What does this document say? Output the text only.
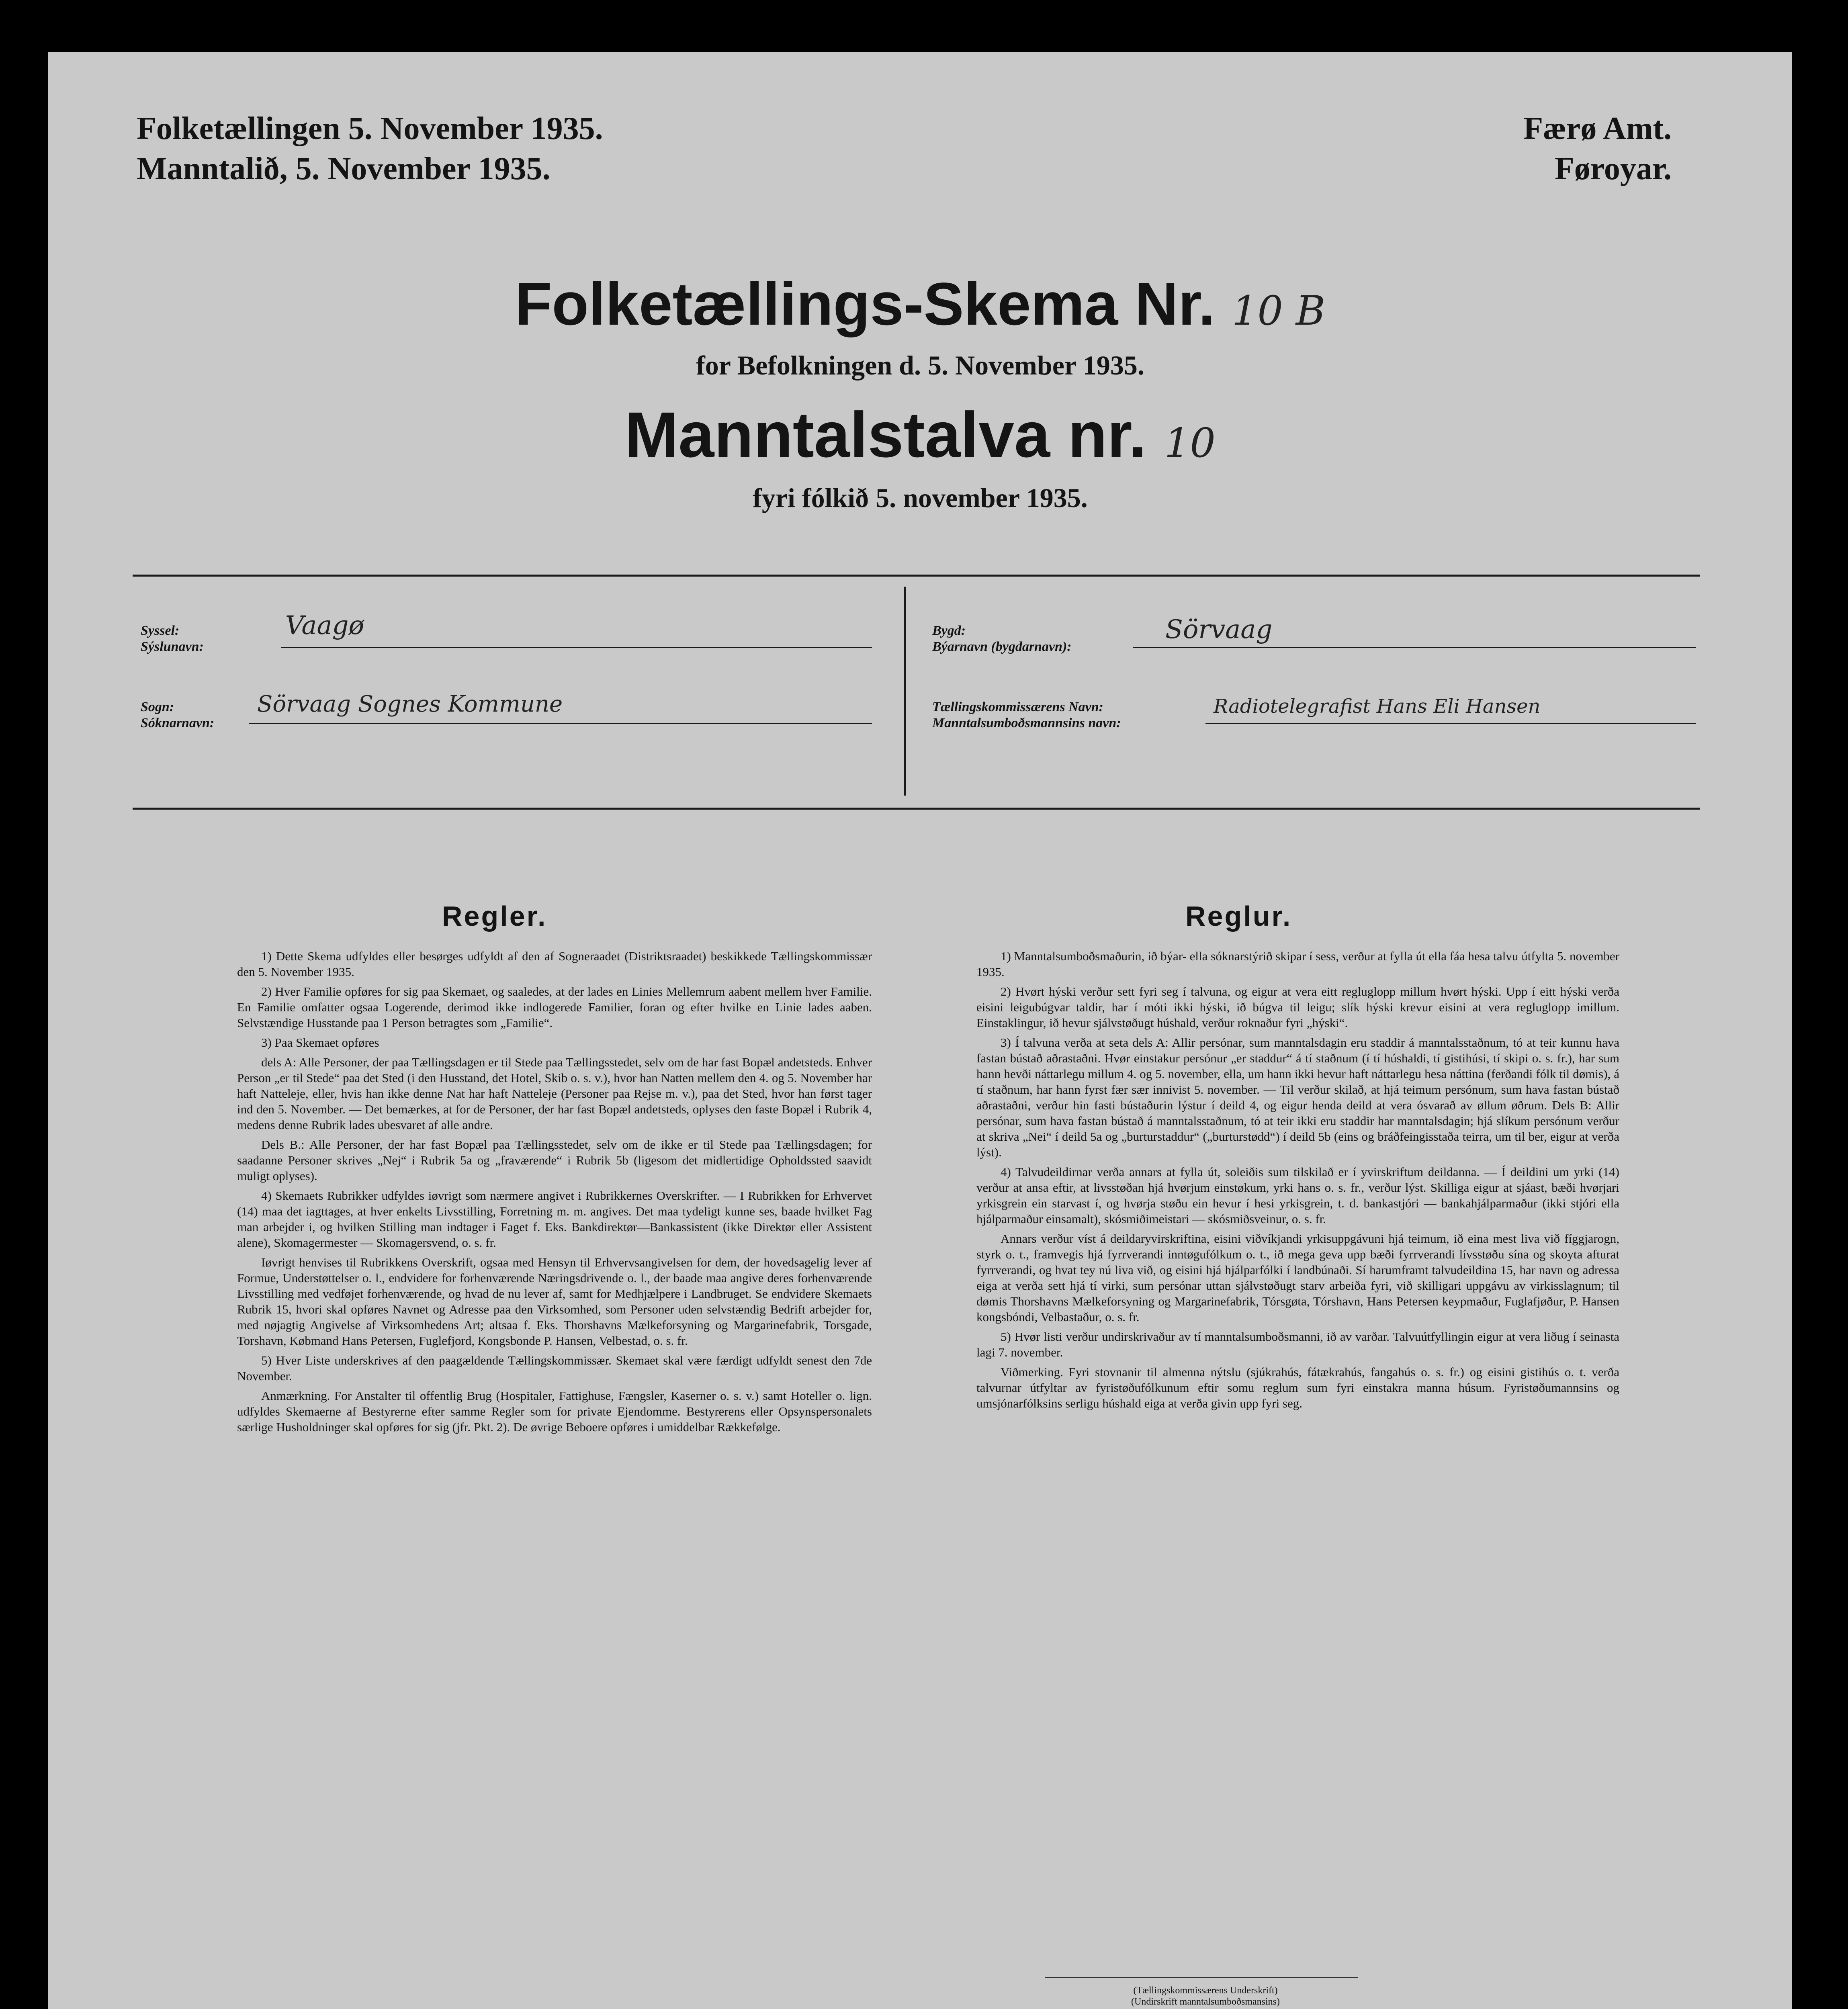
Folketællingen 5. November 1935.
Manntalið, 5. November 1935.
Færø Amt.
Føroyar.
Folketællings-Skema Nr. 10 B
for Befolkningen d. 5. November 1935.
Manntalstalva nr. 10
fyri fólkið 5. november 1935.
Syssel:
Sýslunavn:
Vaagø
Sogn:
Sóknarnavn:
Sörvaag Sognes Kommune
Bygd:
Býarnavn (bygdarnavn):
Sörvaag
Tællingskommissærens Navn:
Manntalsumboðsmannsins navn:
Radiotelegrafist Hans Eli Hansen
Regler.	Reglur.

1) Dette Skema udfyldes eller besørges udfyldt af den af Sogneraadet (Distriktsraadet) beskikkede Tællingskommissær den 5. November 1935.

2) Hver Familie opføres for sig paa Skemaet, og saaledes, at der lades en Linies Mellemrum aabent mellem hver Familie. En Familie omfatter ogsaa Logerende, derimod ikke indlogerede Familier, foran og efter hvilke en Linie lades aaben. Selvstændige Husstande paa 1 Person betragtes som „Familie“.

3) Paa Skemaet opføres

dels A: Alle Personer, der paa Tællingsdagen er til Stede paa Tællingsstedet, selv om de har fast Bopæl andetsteds. Enhver Person „er til Stede“ paa det Sted (i den Husstand, det Hotel, Skib o. s. v.), hvor han Natten mellem den 4. og 5. November har haft Natteleje, eller, hvis han ikke denne Nat har haft Natteleje (Personer paa Rejse m. v.), paa det Sted, hvor han først tager ind den 5. November. — Det bemærkes, at for de Personer, der har fast Bopæl andetsteds, oplyses den faste Bopæl i Rubrik 4, medens denne Rubrik lades ubesvaret af alle andre.

Dels B.: Alle Personer, der har fast Bopæl paa Tællingsstedet, selv om de ikke er til Stede paa Tællingsdagen; for saadanne Personer skrives „Nej“ i Rubrik 5a og „fraværende“ i Rubrik 5b (ligesom det midlertidige Opholdssted saavidt muligt oplyses).

4) Skemaets Rubrikker udfyldes iøvrigt som nærmere angivet i Rubrikkernes Overskrifter. — I Rubrikken for Erhvervet (14) maa det iagttages, at hver enkelts Livsstilling, Forretning m. m. angives. Det maa tydeligt kunne ses, baade hvilket Fag man arbejder i, og hvilken Stilling man indtager i Faget f. Eks. Bankdirektør—Bankassistent (ikke Direktør eller Assistent alene), Skomagermester — Skomagersvend, o. s. fr.

Iøvrigt henvises til Rubrikkens Overskrift, ogsaa med Hensyn til Erhvervsangivelsen for dem, der hovedsagelig lever af Formue, Understøttelser o. l., endvidere for forhenværende Næringsdrivende o. l., der baade maa angive deres forhenværende Livsstilling med vedføjet forhenværende, og hvad de nu lever af, samt for Medhjælpere i Landbruget. Se endvidere Skemaets Rubrik 15, hvori skal opføres Navnet og Adresse paa den Virksomhed, som Personer uden selvstændig Bedrift arbejder for, med nøjagtig Angivelse af Virksomhedens Art; altsaa f. Eks. Thorshavns Mælkeforsyning og Margarinefabrik, Torsgade, Torshavn, Købmand Hans Petersen, Fuglefjord, Kongsbonde P. Hansen, Velbestad, o. s. fr.

5) Hver Liste underskrives af den paagældende Tællingskommissær. Skemaet skal være færdigt udfyldt senest den 7de November.

Anmærkning. For Anstalter til offentlig Brug (Hospitaler, Fattighuse, Fængsler, Kaserner o. s. v.) samt Hoteller o. lign. udfyldes Skemaerne af Bestyrerne efter samme Regler som for private Ejendomme. Bestyrerens eller Opsynspersonalets særlige Husholdninger skal opføres for sig (jfr. Pkt. 2). De øvrige Beboere opføres i umiddelbar Rækkefølge.

1) Manntalsumboðsmaðurin, ið býar- ella sóknarstýrið skipar í sess, verður at fylla út ella fáa hesa talvu útfylta 5. november 1935.

2) Hvørt hýski verður sett fyri seg í talvuna, og eigur at vera eitt regluglopp millum hvørt hýski. Upp í eitt hýski verða eisini leigubúgvar taldir, har í móti ikki hýski, ið búgva til leigu; slík hýski krevur eisini at vera regluglopp imillum. Einstaklingur, ið hevur sjálvstøðugt húshald, verður roknaður fyri „hýski“.

3) Í talvuna verða at seta dels A: Allir persónar, sum manntalsdagin eru staddir á manntalsstaðnum, tó at teir kunnu hava fastan bústað aðrastaðni. Hvør einstakur persónur „er staddur“ á tí staðnum (í tí húshaldi, tí gistihúsi, tí skipi o. s. fr.), har sum hann hevði náttarlegu millum 4. og 5. november, ella, um hann ikki hevur haft náttarlegu hesa náttina (ferðandi fólk til dømis), á tí staðnum, har hann fyrst fær sær innivist 5. november. — Til verður skilað, at hjá teimum persónum, sum hava fastan bústað aðrastaðni, verður hin fasti bústaðurin lýstur í deild 4, og eigur henda deild at vera ósvarað av øllum øðrum. Dels B: Allir persónar, sum hava fastan bústað á manntalsstaðnum, tó at teir ikki eru staddir har manntalsdagin; hjá slíkum persónum verður at skriva „Nei“ í deild 5a og „burturstaddur“ („burturstødd“) í deild 5b (eins og bráðfeingisstaða teirra, um til ber, eigur at verða lýst).

4) Talvudeildirnar verða annars at fylla út, soleiðis sum tilskilað er í yvirskriftum deildanna. — Í deildini um yrki (14) verður at ansa eftir, at livsstøðan hjá hvørjum einstøkum, yrki hans o. s. fr., verður lýst. Skilliga eigur at sjáast, bæði hvørjari yrkisgrein ein starvast í, og hvørja støðu ein hevur í hesi yrkisgrein, t. d. bankastjóri — bankahjálparmaður (ikki stjóri ella hjálparmaður einsamalt), skósmiðimeistari — skósmiðsveinur, o. s. fr.

Annars verður víst á deildaryvirskriftina, eisini viðvíkjandi yrkisuppgávuni hjá teimum, ið eina mest liva við fíggjarogn, styrk o. t., framvegis hjá fyrrverandi inntøgufólkum o. t., ið mega geva upp bæði fyrrverandi lívsstøðu sína og skoyta afturat fyrrverandi, og hvat tey nú liva við, og eisini hjá hjálparfólki í landbúnaði. Sí harumframt talvudeildina 15, har navn og adressa eiga at verða sett hjá tí virki, sum persónar uttan sjálvstøðugt starv arbeiða fyri, við skilligari uppgávu av virkisslagnum; til dømis Thorshavns Mælkeforsyning og Margarinefabrik, Tórsgøta, Tórshavn, Hans Petersen keypmaður, Fuglafjøður, P. Hansen kongsbóndi, Velbastaður, o. s. fr.

5) Hvør listi verður undirskrivaður av tí manntalsumboðsmanni, ið av varðar. Talvuútfyllingin eigur at vera liðug í seinasta lagi 7. november.

Viðmerking. Fyri stovnanir til almenna nýtslu (sjúkrahús, fátækrahús, fangahús o. s. fr.) og eisini gistihús o. t. verða talvurnar útfyltar av fyristøðufólkunum eftir somu reglum sum fyri einstakra manna húsum. Fyristøðumannsins og umsjónarfólksins serligu húshald eiga at verða givin upp fyri seg.

(Tællingskommissærens Underskrift)
(Undirskrift manntalsumboðsmansins)
